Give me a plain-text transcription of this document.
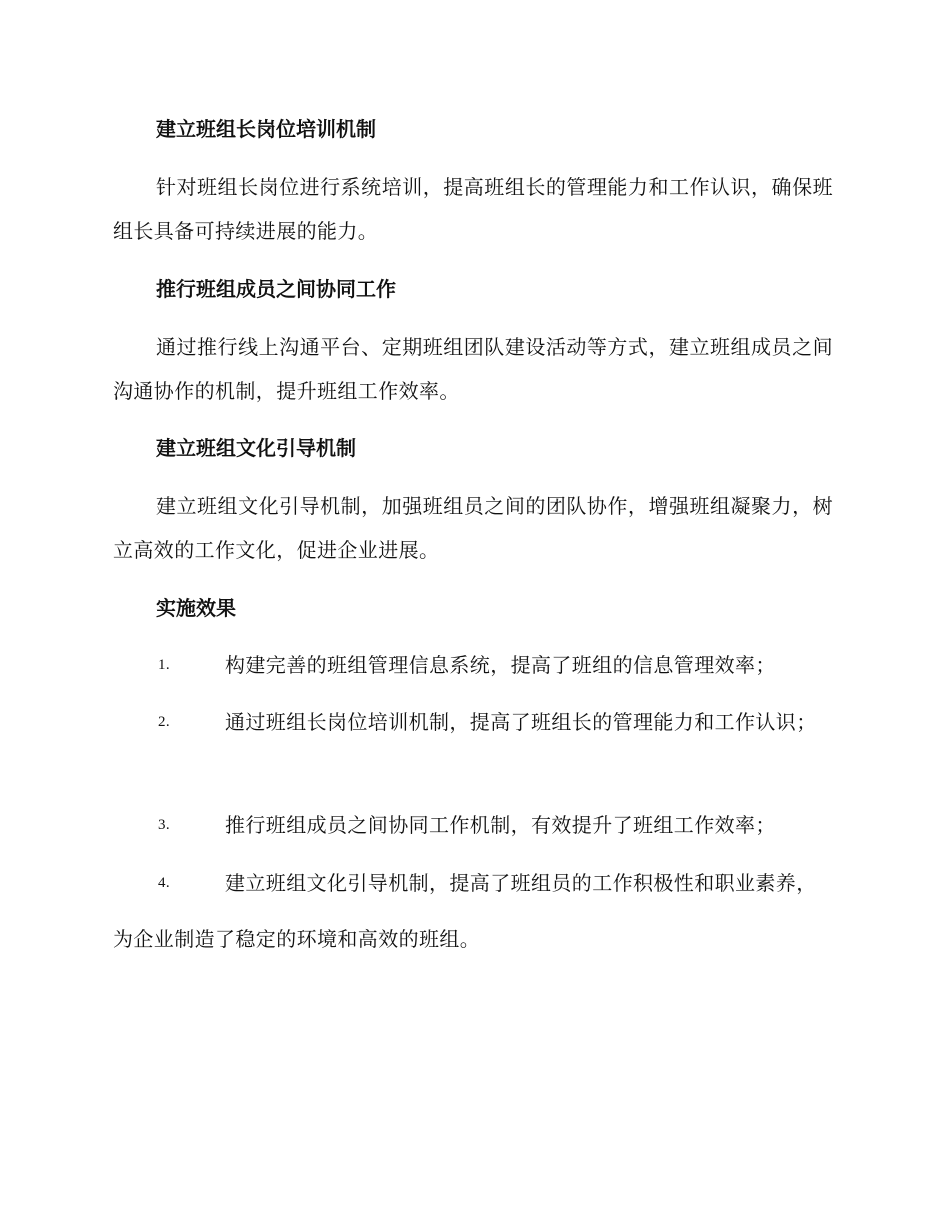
建立班组长岗位培训机制
针对班组长岗位进行系统培训，提高班组长的管理能力和工作认识，确保班组长具备可持续进展的能力。
推行班组成员之间协同工作
通过推行线上沟通平台、定期班组团队建设活动等方式，建立班组成员之间沟通协作的机制，提升班组工作效率。
建立班组文化引导机制
建立班组文化引导机制，加强班组员之间的团队协作，增强班组凝聚力，树立高效的工作文化，促进企业进展。
实施效果
1.	构建完善的班组管理信息系统，提高了班组的信息管理效率；
2.	通过班组长岗位培训机制，提高了班组长的管理能力和工作认识；
3.	推行班组成员之间协同工作机制，有效提升了班组工作效率；
4.	建立班组文化引导机制，提高了班组员的工作积极性和职业素养，为企业制造了稳定的环境和高效的班组。
